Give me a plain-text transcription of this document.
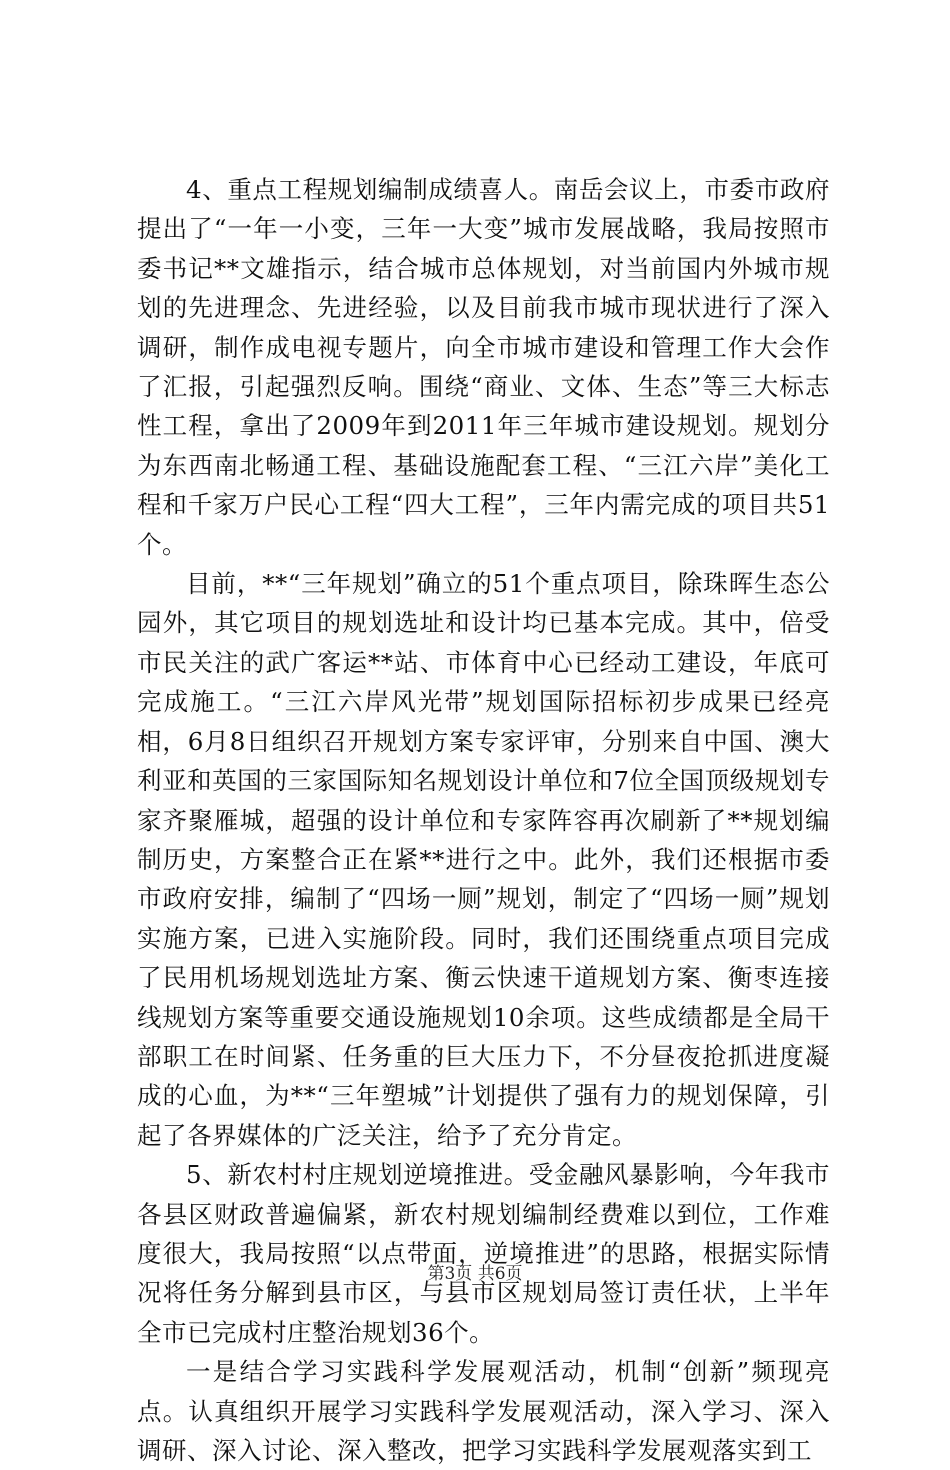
4、重点工程规划编制成绩喜人。南岳会议上，市委市政府提出了“一年一小变，三年一大变”城市发展战略，我局按照市委书记**文雄指示，结合城市总体规划，对当前国内外城市规划的先进理念、先进经验，以及目前我市城市现状进行了深入调研，制作成电视专题片，向全市城市建设和管理工作大会作了汇报，引起强烈反响。围绕“商业、文体、生态”等三大标志性工程，拿出了2009年到2011年三年城市建设规划。规划分为东西南北畅通工程、基础设施配套工程、“三江六岸”美化工程和千家万户民心工程“四大工程”，三年内需完成的项目共51个。

目前，**“三年规划”确立的51个重点项目，除珠晖生态公园外，其它项目的规划选址和设计均已基本完成。其中，倍受市民关注的武广客运**站、市体育中心已经动工建设，年底可完成施工。“三江六岸风光带”规划国际招标初步成果已经亮相，6月8日组织召开规划方案专家评审，分别来自中国、澳大利亚和英国的三家国际知名规划设计单位和7位全国顶级规划专家齐聚雁城，超强的设计单位和专家阵容再次刷新了**规划编制历史，方案整合正在紧**进行之中。此外，我们还根据市委市政府安排，编制了“四场一厕”规划，制定了“四场一厕”规划实施方案，已进入实施阶段。同时，我们还围绕重点项目完成了民用机场规划选址方案、衡云快速干道规划方案、衡枣连接线规划方案等重要交通设施规划10余项。这些成绩都是全局干部职工在时间紧、任务重的巨大压力下，不分昼夜抢抓进度凝成的心血，为**“三年塑城”计划提供了强有力的规划保障，引起了各界媒体的广泛关注，给予了充分肯定。

5、新农村村庄规划逆境推进。受金融风暴影响，今年我市各县区财政普遍偏紧，新农村规划编制经费难以到位，工作难度很大，我局按照“以点带面，逆境推进”的思路，根据实际情况将任务分解到县市区，与县市区规划局签订责任状，上半年全市已完成村庄整治规划36个。

一是结合学习实践科学发展观活动，机制“创新”频现亮点。认真组织开展学习实践科学发展观活动，深入学习、深入调研、深入讨论、深入整改，把学习实践科学发展观落实到工

第3页 共6页
